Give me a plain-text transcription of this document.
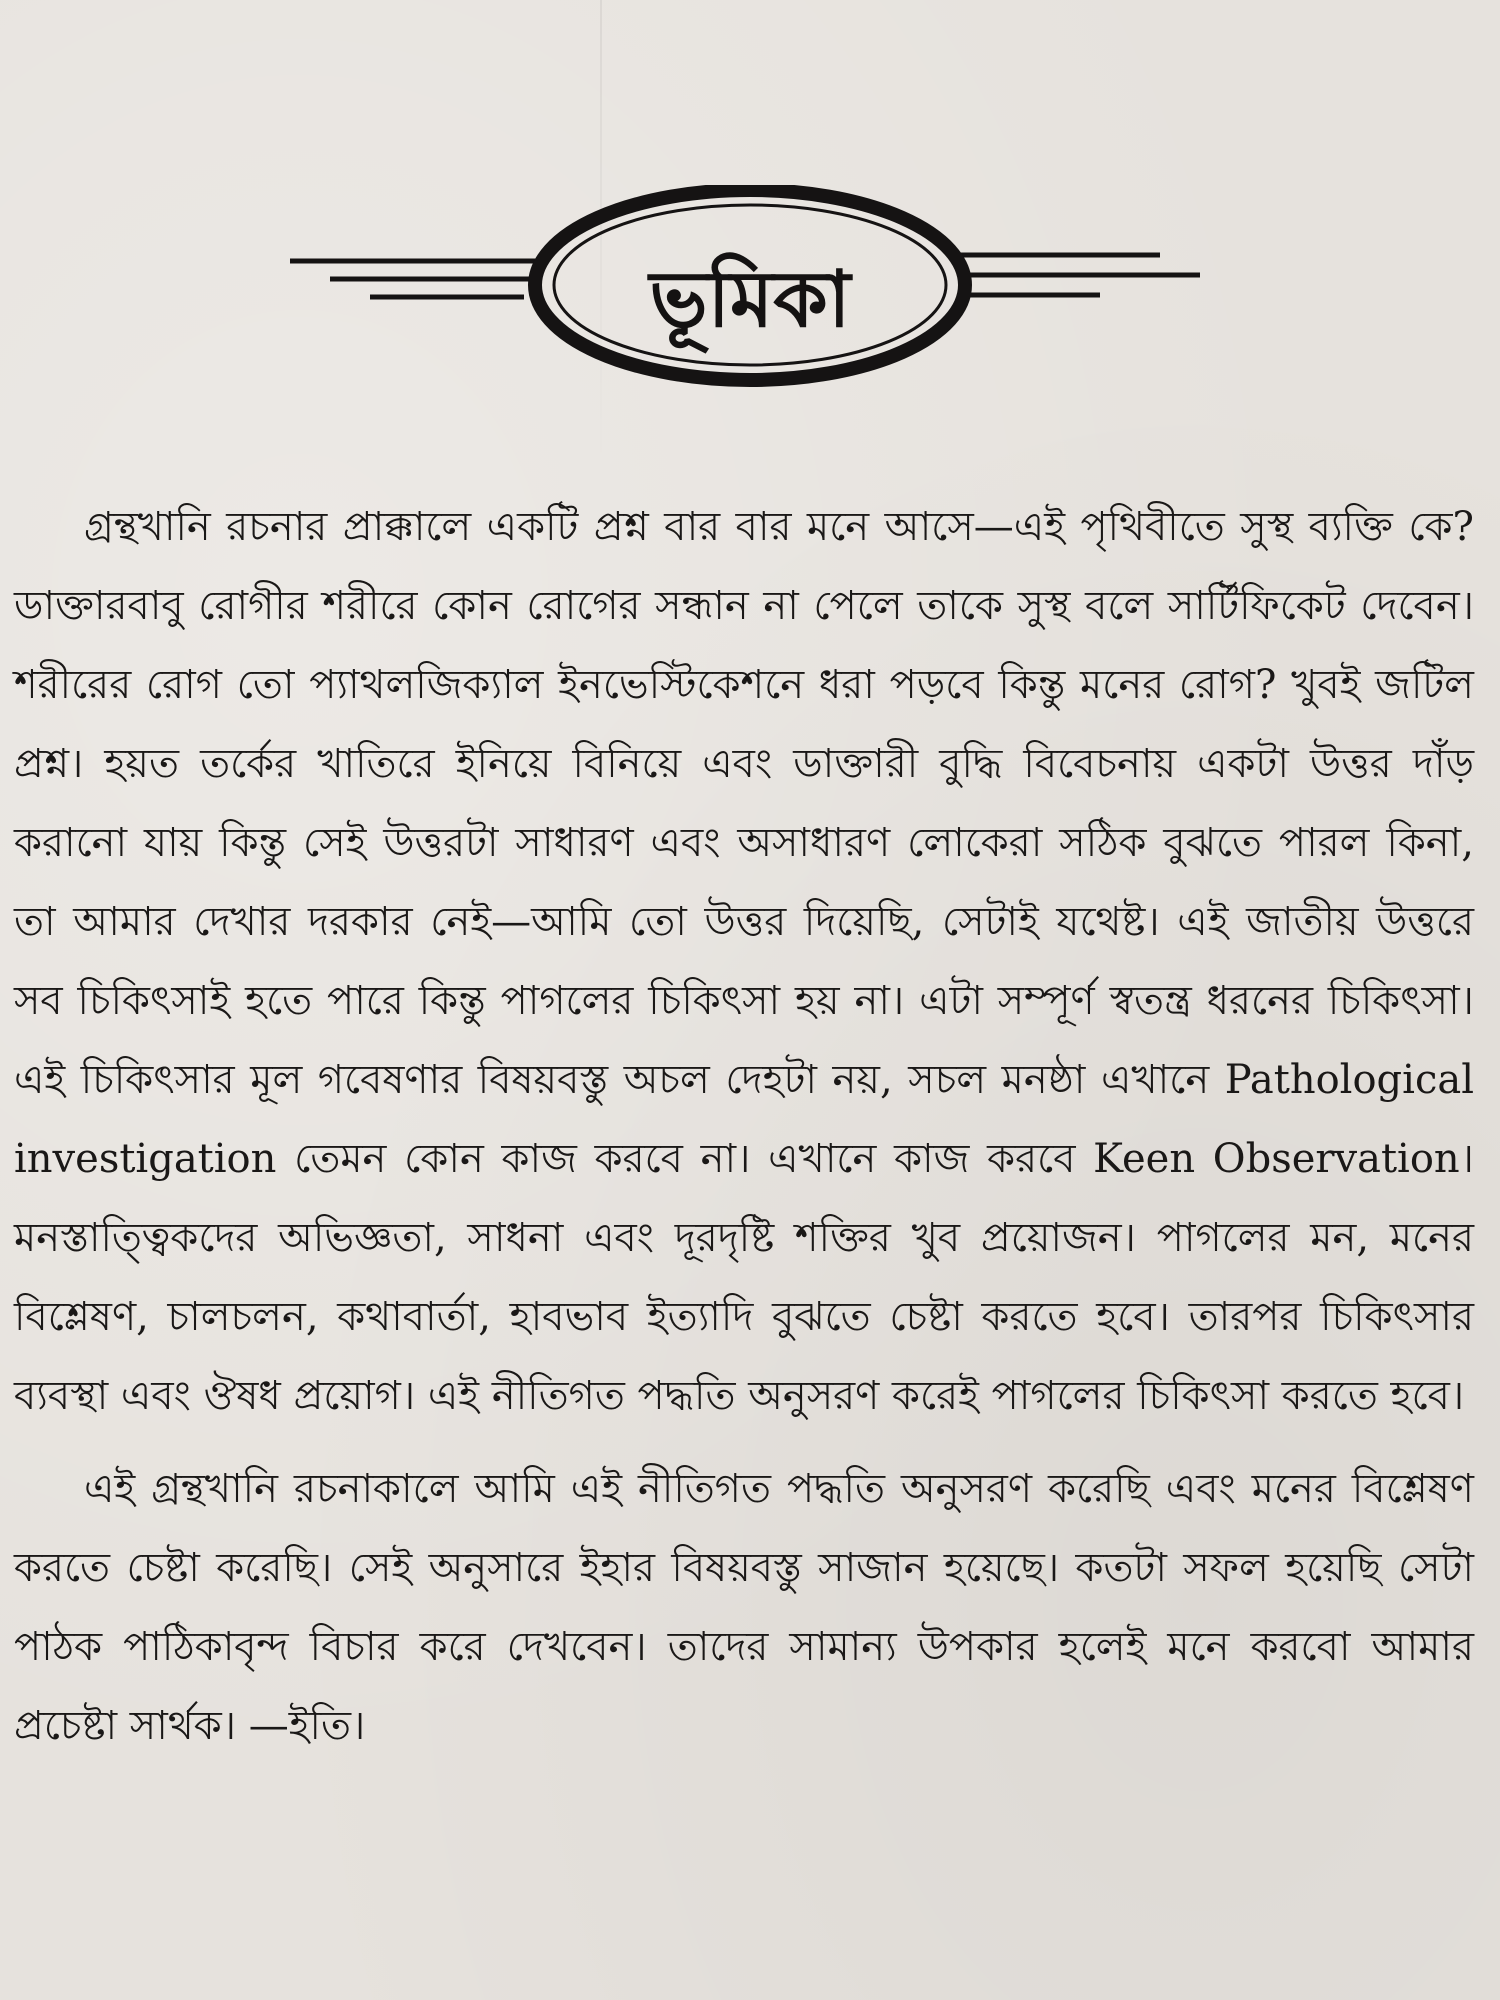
ভূমিকা

গ্রন্থখানি রচনার প্রাক্কালে একটি প্রশ্ন বার বার মনে আসে—এই পৃথিবীতে সুস্থ ব্যক্তি কে? ডাক্তারবাবু রোগীর শরীরে কোন রোগের সন্ধান না পেলে তাকে সুস্থ বলে সার্টিফিকেট দেবেন। শরীরের রোগ তো প্যাথলজিক্যাল ইনভেস্টিকেশনে ধরা পড়বে কিন্তু মনের রোগ? খুবই জটিল প্রশ্ন। হয়ত তর্কের খাতিরে ইনিয়ে বিনিয়ে এবং ডাক্তারী বুদ্ধি বিবেচনায় একটা উত্তর দাঁড় করানো যায় কিন্তু সেই উত্তরটা সাধারণ এবং অসাধারণ লোকেরা সঠিক বুঝতে পারল কিনা, তা আমার দেখার দরকার নেই—আমি তো উত্তর দিয়েছি, সেটাই যথেষ্ট। এই জাতীয় উত্তরে সব চিকিৎসাই হতে পারে কিন্তু পাগলের চিকিৎসা হয় না। এটা সম্পূর্ণ স্বতন্ত্র ধরনের চিকিৎসা। এই চিকিৎসার মূল গবেষণার বিষয়বস্তু অচল দেহটা নয়, সচল মনষ্ঠা এখানে Pathological investigation তেমন কোন কাজ করবে না। এখানে কাজ করবে Keen Observation। মনস্তাত্ত্বিকদের অভিজ্ঞতা, সাধনা এবং দূরদৃষ্টি শক্তির খুব প্রয়োজন। পাগলের মন, মনের বিশ্লেষণ, চালচলন, কথাবার্তা, হাবভাব ইত্যাদি বুঝতে চেষ্টা করতে হবে। তারপর চিকিৎসার ব্যবস্থা এবং ঔষধ প্রয়োগ। এই নীতিগত পদ্ধতি অনুসরণ করেই পাগলের চিকিৎসা করতে হবে।

এই গ্রন্থখানি রচনাকালে আমি এই নীতিগত পদ্ধতি অনুসরণ করেছি এবং মনের বিশ্লেষণ করতে চেষ্টা করেছি। সেই অনুসারে ইহার বিষয়বস্তু সাজান হয়েছে। কতটা সফল হয়েছি সেটা পাঠক পাঠিকাবৃন্দ বিচার করে দেখবেন। তাদের সামান্য উপকার হলেই মনে করবো আমার প্রচেষ্টা সার্থক। —ইতি।
